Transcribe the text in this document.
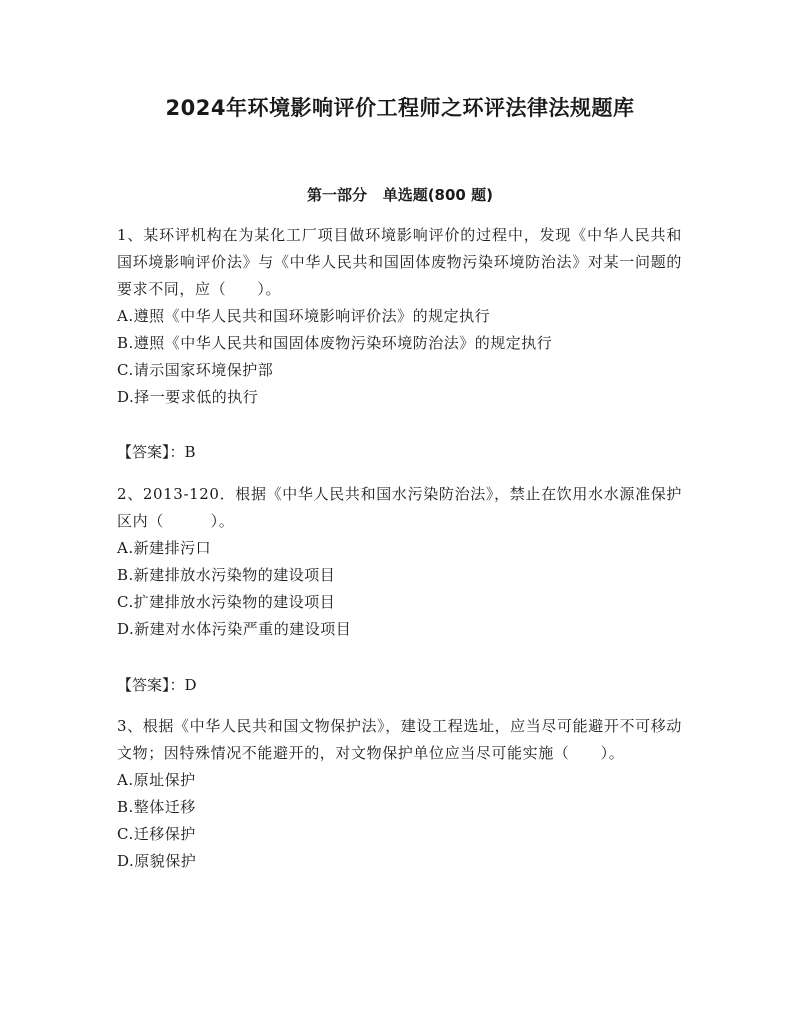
2024年环境影响评价工程师之环评法律法规题库
第一部分   单选题(800 题)

1、某环评机构在为某化工厂项目做环境影响评价的过程中，发现《中华人民共和国环境影响评价法》与《中华人民共和国固体废物污染环境防治法》对某一问题的要求不同，应（　　）。

A.遵照《中华人民共和国环境影响评价法》的规定执行

B.遵照《中华人民共和国固体废物污染环境防治法》的规定执行

C.请示国家环境保护部

D.择一要求低的执行

【答案】：B

2、2013-120．根据《中华人民共和国水污染防治法》，禁止在饮用水水源准保护区内（　　　）。

A.新建排污口

B.新建排放水污染物的建设项目

C.扩建排放水污染物的建设项目

D.新建对水体污染严重的建设项目

【答案】：D

3、根据《中华人民共和国文物保护法》，建设工程选址，应当尽可能避开不可移动文物；因特殊情况不能避开的，对文物保护单位应当尽可能实施（　　）。

A.原址保护

B.整体迁移

C.迁移保护

D.原貌保护
